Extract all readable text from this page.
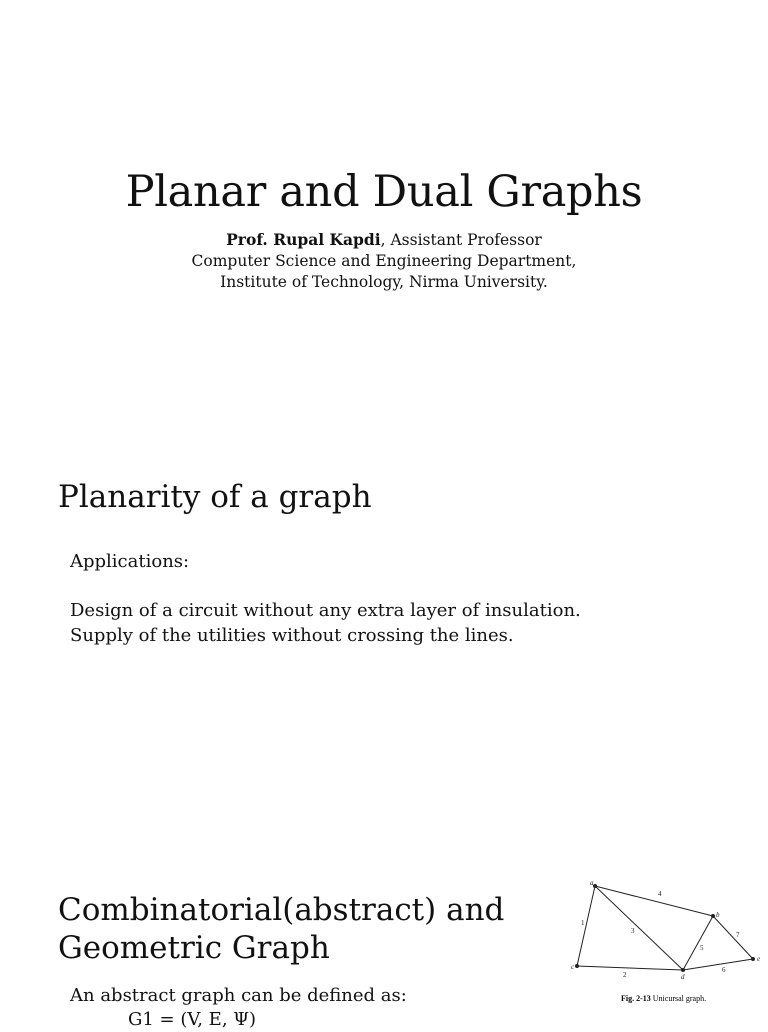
Planar and Dual Graphs
Prof. Rupal Kapdi, Assistant Professor
Computer Science and Engineering Department,
Institute of Technology, Nirma University.
Planarity of a graph
Applications:
Design of a circuit without any extra layer of insulation.
Supply of the utilities without crossing the lines.
Combinatorial(abstract) and
Geometric Graph
An abstract graph can be defined as:
G1 = (V, E, Ψ)
a
b
c
d
e
1
2
3
4
5
6
7
Fig. 2-13 Unicursal graph.
